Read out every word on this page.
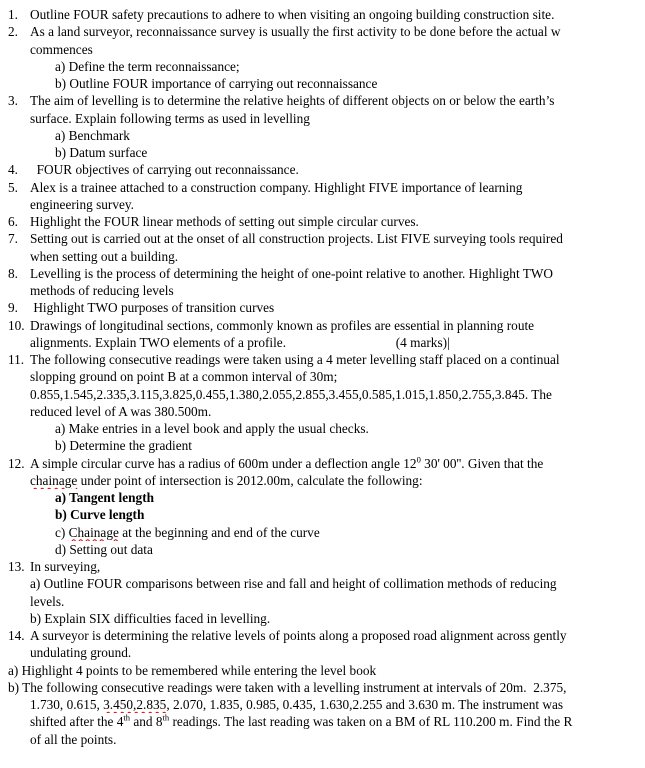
1. Outline FOUR safety precautions to adhere to when visiting an ongoing building construction site.
2. As a land surveyor, reconnaissance survey is usually the first activity to be done before the actual w
commences
a) Define the term reconnaissance;
b) Outline FOUR importance of carrying out reconnaissance
3. The aim of levelling is to determine the relative heights of different objects on or below the earth’s
surface. Explain following terms as used in levelling
a) Benchmark
b) Datum surface
4.  FOUR objectives of carrying out reconnaissance.
5. Alex is a trainee attached to a construction company. Highlight FIVE importance of learning
engineering survey.
6. Highlight the FOUR linear methods of setting out simple circular curves.
7. Setting out is carried out at the onset of all construction projects. List FIVE surveying tools required
when setting out a building.
8. Levelling is the process of determining the height of one-point relative to another. Highlight TWO
methods of reducing levels
9. Highlight TWO purposes of transition curves
10. Drawings of longitudinal sections, commonly known as profiles are essential in planning route
alignments. Explain TWO elements of a profile.                                 (4 marks)|
11. The following consecutive readings were taken using a 4 meter levelling staff placed on a continual
slopping ground on point B at a common interval of 30m;
0.855,1.545,2.335,3.115,3.825,0.455,1.380,2.055,2.855,3.455,0.585,1.015,1.850,2.755,3.845. The
reduced level of A was 380.500m.
a) Make entries in a level book and apply the usual checks.
b) Determine the gradient
12. A simple circular curve has a radius of 600m under a deflection angle $12^0$ 30' 00''. Given that the
chainage under point of intersection is 2012.00m, calculate the following:
a) Tangent length
b) Curve length
c) Chainage at the beginning and end of the curve
d) Setting out data
13. In surveying,
a) Outline FOUR comparisons between rise and fall and height of collimation methods of reducing
levels.
b) Explain SIX difficulties faced in levelling.
14. A surveyor is determining the relative levels of points along a proposed road alignment across gently
undulating ground.
a) Highlight 4 points to be remembered while entering the level book
b) The following consecutive readings were taken with a levelling instrument at intervals of 20m.  2.375,
1.730, 0.615, 3.450,2.835, 2.070, 1.835, 0.985, 0.435, 1.630,2.255 and 3.630 m. The instrument was
shifted after the 4th and 8th readings. The last reading was taken on a BM of RL 110.200 m. Find the R
of all the points.
